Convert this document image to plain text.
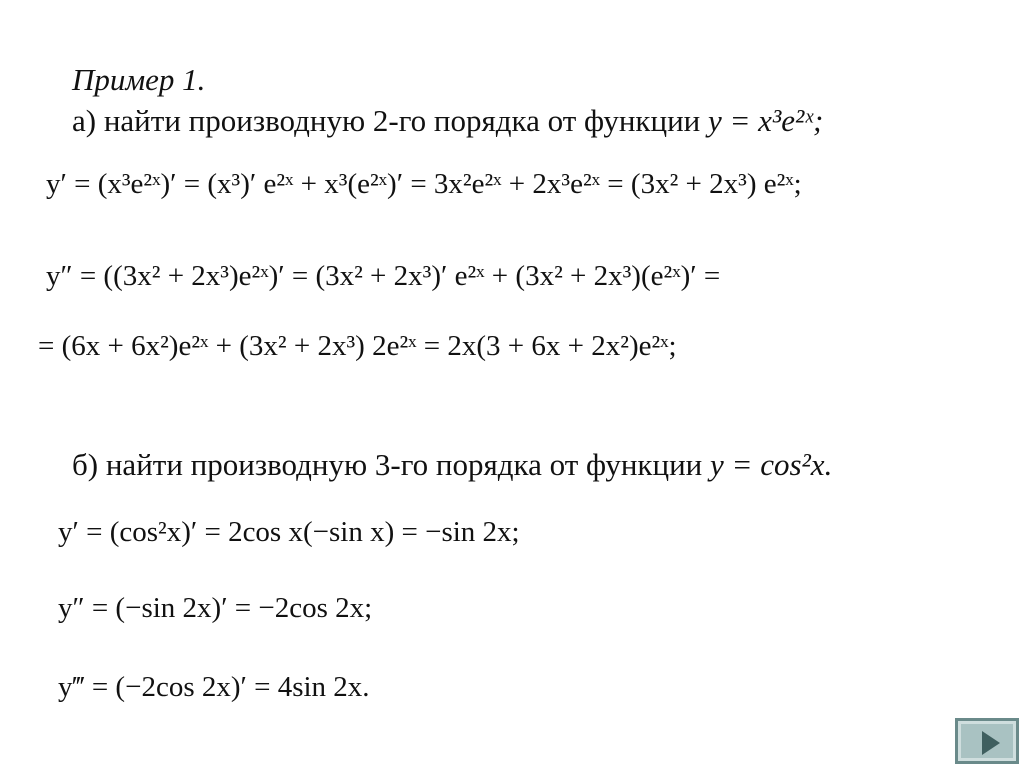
Пример 1.
а) найти производную 2-го порядка от функции y = x³e²ˣ;
y′ = (x³e²ˣ)′ = (x³)′ e²ˣ + x³(e²ˣ)′ = 3x²e²ˣ + 2x³e²ˣ = (3x² + 2x³) e²ˣ;
y″ = ((3x² + 2x³)e²ˣ)′ = (3x² + 2x³)′ e²ˣ + (3x² + 2x³)(e²ˣ)′ =
= (6x + 6x²)e²ˣ + (3x² + 2x³) 2e²ˣ = 2x(3 + 6x + 2x²)e²ˣ;
б) найти производную 3-го порядка от функции y = cos²x.
y′ = (cos²x)′ = 2cos x(−sin x) = −sin 2x;
y″ = (−sin 2x)′ = −2cos 2x;
y‴ = (−2cos 2x)′ = 4sin 2x.
